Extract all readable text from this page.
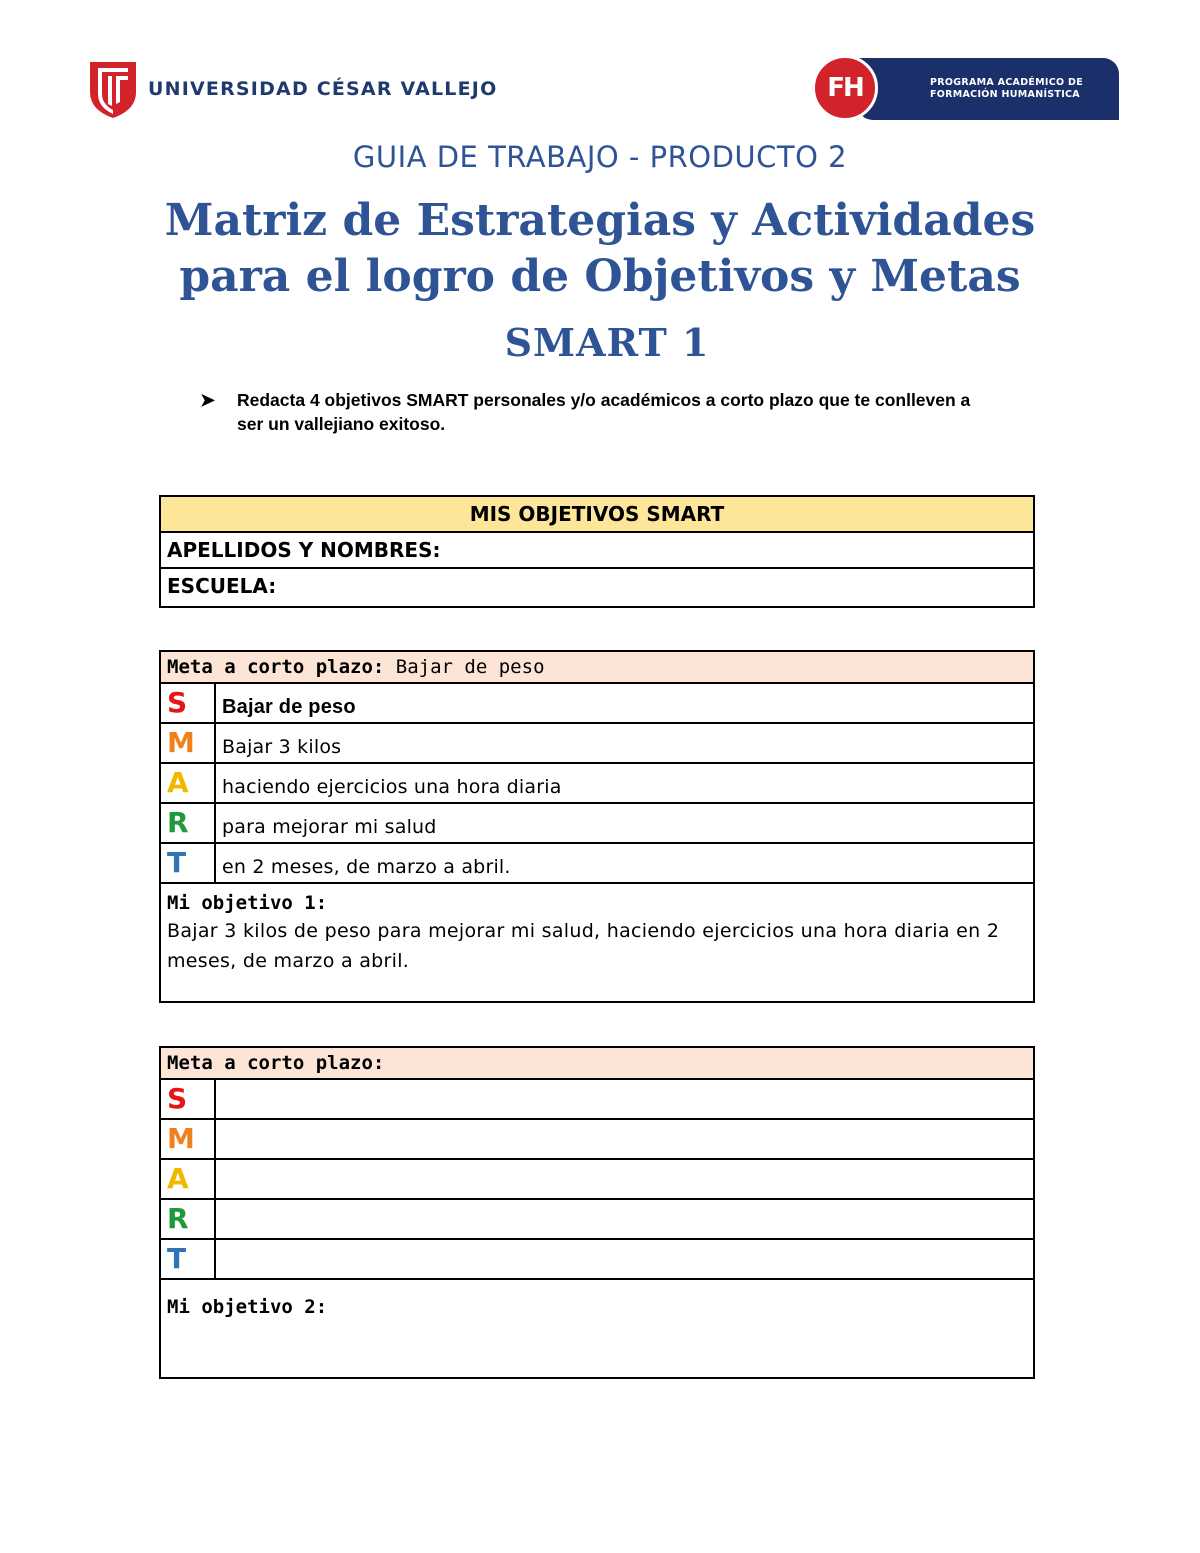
UNIVERSIDAD CÉSAR VALLEJO	FH	PROGRAMA ACADÉMICO DE
FORMACIÓN HUMANÍSTICA
GUIA DE TRABAJO - PRODUCTO 2
Matriz de Estrategias y Actividades
para el logro de Objetivos y Metas
SMART 1
➤	Redacta 4 objetivos SMART personales y/o académicos a corto plazo que te conlleven a ser un vallejiano exitoso.
MIS OBJETIVOS SMART
APELLIDOS Y NOMBRES:
ESCUELA:
Meta a corto plazo: Bajar de peso
S	Bajar de peso
M	Bajar 3 kilos
A	haciendo ejercicios una hora diaria
R	para mejorar mi salud
T	en 2 meses, de marzo a abril.
Mi objetivo 1:
Bajar 3 kilos de peso para mejorar mi salud, haciendo ejercicios una hora diaria en 2 meses, de marzo a abril.
Meta a corto plazo:
S
M
A
R
T
Mi objetivo 2:
